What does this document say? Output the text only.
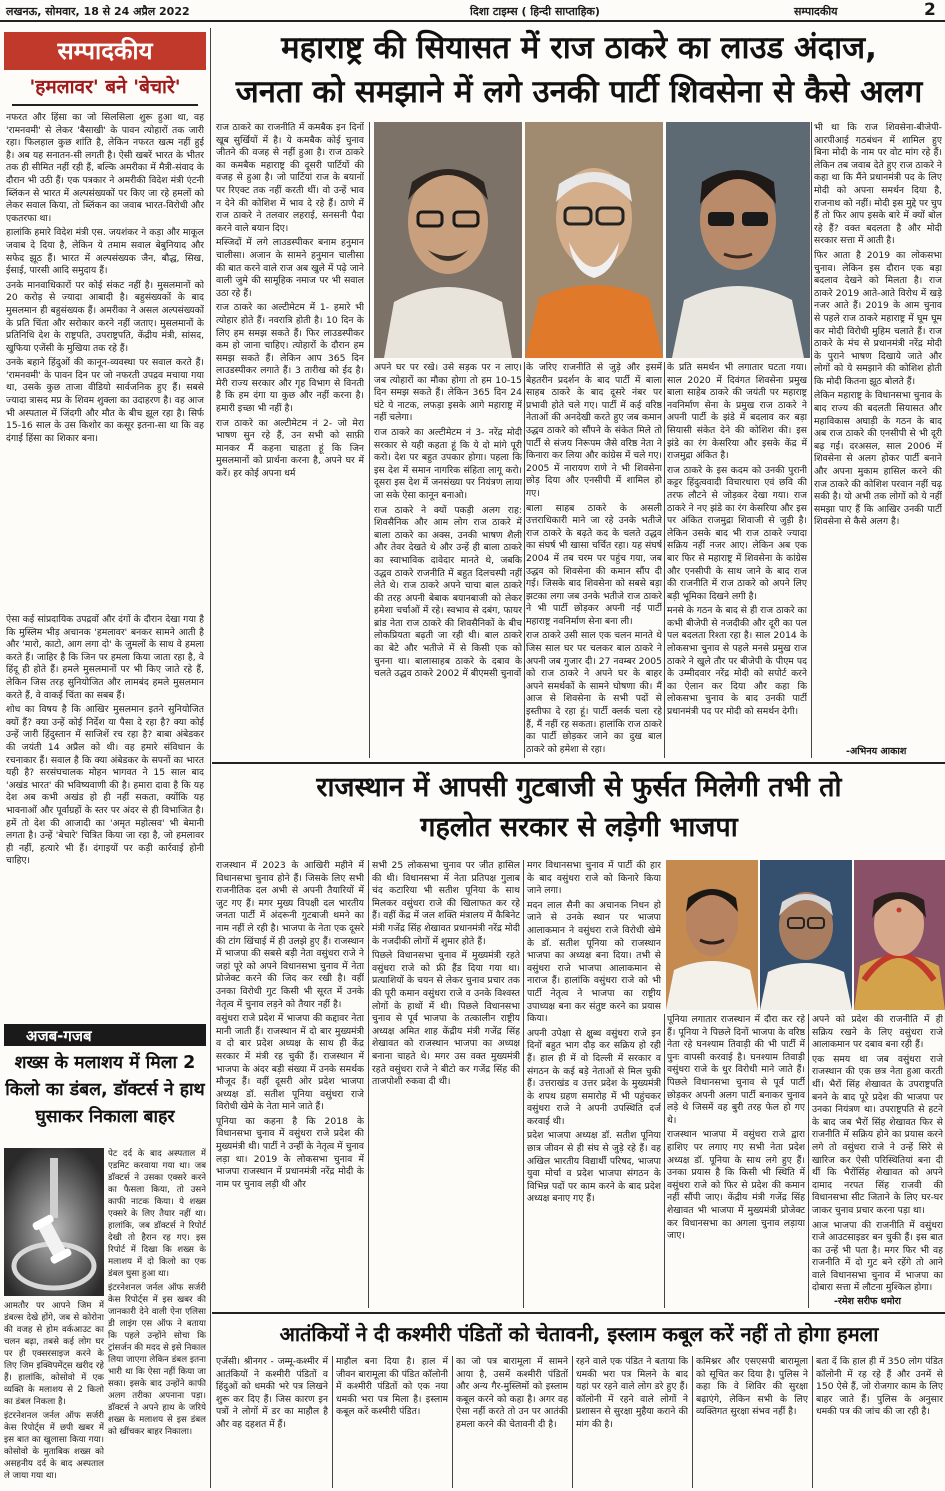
लखनऊ, सोमवार, 18 से 24 अप्रैल 2022	दिशा टाइम्स ( हिन्दी साप्ताहिक)	सम्पादकीय	2
सम्पादकीय
'हमलावर' बने 'बेचारे'

नफरत और हिंसा का जो सिलसिला शुरू हुआ था, वह 'रामनवमी' से लेकर 'बैसाखी' के पावन त्योहारों तक जारी रहा। फिलहाल कुछ शांति है, लेकिन नफरत खत्म नहीं हुई है। अब यह सनातन-सी लगती है। ऐसी खबरें भारत के भीतर तक ही सीमित नहीं रही हैं, बल्कि अमरीका में मैत्री-संवाद के दौरान भी उठी हैं। एक पत्रकार ने अमरीकी विदेश मंत्री एंटनी ब्लिंकन से भारत में अल्पसंख्यकों पर किए जा रहे हमलों को लेकर सवाल किया, तो ब्लिंकन का जवाब भारत-विरोधी और एकतरफा था।

हालांकि हमारे विदेश मंत्री एस. जयशंकर ने कड़ा और माकूल जवाब दे दिया है, लेकिन ये तमाम सवाल बेबुनियाद और सफेद झूठ हैं। भारत में अल्पसंख्यक जैन, बौद्ध, सिख, ईसाई, पारसी आदि समुदाय हैं।

उनके मानवाधिकारों पर कोई संकट नहीं है। मुसलमानों को 20 करोड़ से ज्यादा आबादी है। बहुसंख्यकों के बाद मुसलमान ही बहुसंख्यक हैं। अमरीका ने असल अल्पसंख्यकों के प्रति चिंता और सरोकार करने नहीं जताए। मुसलमानों के प्रतिनिधि देश के राष्ट्रपति, उपराष्ट्रपति, केंद्रीय मंत्री, सांसद, खुफिया एजेंसी के मुखिया तक रहे हैं।

उनके बहाने हिंदुओं की कानून-व्यवस्था पर सवाल करते हैं। 'रामनवमी' के पावन दिन पर जो नफरती उपद्रव मचाया गया था, उसके कुछ ताजा वीडियो सार्वजनिक हुए हैं। सबसे ज्यादा त्रासद मप्र के शिवम शुक्ला का उदाहरण है। वह आज भी अस्पताल में जिंदगी और मौत के बीच झूल रहा है। सिर्फ 15-16 साल के उस किशोर का कसूर इतना-सा था कि वह दंगाई हिंसा का शिकार बना।

ऐसा कई सांप्रदायिक उपद्रवों और दंगों के दौरान देखा गया है कि मुस्लिम भीड़ अचानक 'हमलावर' बनकर सामने आती है और 'मारो, काटो, आग लगा दो' के जुमलों के साथ वे हमला करते हैं। जाहिर है कि जिन पर हमला किया जाता रहा है, वे हिंदू ही होते हैं। हमले मुसलमानों पर भी किए जाते रहे हैं, लेकिन जिस तरह सुनियोजित और लामबंद हमले मुसलमान करते हैं, वे वाकई चिंता का सबब हैं।

शोध का विषय है कि आखिर मुसलमान इतने सुनियोजित क्यों हैं? क्या उन्हें कोई निर्देश या पैसा दे रहा है? क्या कोई उन्हें जारी हिंदुस्तान में साजिशें रच रहा है? बाबा अंबेडकर की जयंती 14 अप्रैल को थी। वह हमारे संविधान के रचनाकार हैं। सवाल है कि क्या अंबेडकर के सपनों का भारत यही है? सरसंघचालक मोहन भागवत ने 15 साल बाद 'अखंड भारत' की भविष्यवाणी की है। हमारा दावा है कि यह देश अब कभी अखंड हो ही नहीं सकता, क्योंकि यह भावनाओं और पूर्वाग्रहों के स्तर पर अंदर से ही विभाजित है। हमें तो देश की आजादी का 'अमृत महोत्सव' भी बेमानी लगता है। उन्हें 'बेचारे' चित्रित किया जा रहा है, जो हमलावर ही नहीं, हत्यारे भी हैं। दंगाइयों पर कड़ी कार्रवाई होनी चाहिए।

अजब-गजब
शख्स के मलाशय में मिला 2 किलो का डंबल, डॉक्टर्स ने हाथ घुसाकर निकाला बाहर

पेट दर्द के बाद अस्पताल में एडमिट करवाया गया था। जब डॉक्टर्स ने उसका एक्सरे करने का फैसला किया, तो उसने काफी नाटक किया। ये शख्स एक्सरे के लिए तैयार नहीं था। हालांकि, जब डॉक्टर्स ने रिपोर्ट देखी तो हैरान रह गए। इस रिपोर्ट में दिखा कि शख्स के मलाशय में दो किलो का एक डंबल घुसा हुआ था।

इंटरनेशनल जर्नल ऑफ सर्जरी केस रिपोर्ट्स में इस खबर की जानकारी देने वाली ऐना एलिसा डी लाइंग एस ऑफ ने बताया कि पहले उन्होंने सोचा कि ट्रांसर्जन की मदद से इसे निकाल लिया जाएगा लेकिन डंबल इतना भारी था कि ऐसा नहीं किया जा सका। इसके बाद उन्होंने काफी अलग तरीका अपनाना पड़ा। डॉक्टर्स ने अपने हाथ के जरिये शख्स के मलाशय से इस डंबल को खींचकर बाहर निकाला।

आमतौर पर आपने जिम में डंबल्स देखे होंगे, जब से कोरोना की वजह से होम वर्कआउट का चलन बढ़ा, तबसे कई लोग घर पर ही एक्सरसाइज करने के लिए जिम इक्विपमेंट्स खरीद रहे हैं। हालांकि, कोसोवो में एक व्यक्ति के मलाशय से 2 किलो का डंबल निकला है।

इंटरनेशनल जर्नल ऑफ सर्जरी केस रिपोर्ट्स में छपी खबर में इस बात का खुलासा किया गया। कोसोवो के मुताबिक शख्स को असहनीय दर्द के बाद अस्पताल ले जाया गया था।

महाराष्ट्र की सियासत में राज ठाकरे का लाउड अंदाज,
जनता को समझाने में लगे उनकी पार्टी शिवसेना से कैसे अलग

राज ठाकरे का राजनीति में कमबैक इन दिनों खूब सुर्खियों में है। ये कमबैक कोई चुनाव जीतने की वजह से नहीं हुआ है। राज ठाकरे का कमबैक महाराष्ट्र की दूसरी पार्टियों की वजह से हुआ है। जो पार्टियां राज के बयानों पर रिएक्ट तक नहीं करती थीं। वो उन्हें भाव न देने की कोशिश में भाव दे रहे हैं। ठाणे में राज ठाकरे ने तलवार लहराई, सनसनी पैदा करने वाले बयान दिए।

मस्जिदों में लगे लाउडस्पीकर बनाम हनुमान चालीसा। अजान के सामने हनुमान चालीसा की बात करने वाले राज अब खुले में पढ़े जाने वाली जुमे की सामूहिक नमाज पर भी सवाल उठा रहे हैं।

राज ठाकरे का अल्टीमेटम में 1- हमारे भी त्योहार होते हैं। नवरात्रि होती है। 10 दिन के लिए हम समझ सकते हैं। फिर लाउडस्पीकर कम हो जाना चाहिए। त्योहारों के दौरान हम समझ सकते हैं। लेकिन आप 365 दिन लाउडस्पीकर लगाते हैं। 3 तारीख को ईद है। मेरी राज्य सरकार और गृह विभाग से विनती है कि हम दंगा या कुछ और नहीं करना है। हमारी इच्छा भी नहीं है।

राज ठाकरे का अल्टीमेटम नं 2- जो मेरा भाषण सुन रहे हैं, उन सभी को साफ़ी मानकर मैं कहना चाहता हूं कि जिन मुसलमानों को प्रार्थना करना है, अपने घर में करें। हर कोई अपना धर्म

अपने घर पर रखे। उसे सड़क पर न लाए। जब त्योहारों का मौका होगा तो हम 10-15 दिन समझ सकते हैं। लेकिन 365 दिन 24 घंटे ये नाटक, लफड़ा इसके आगे महाराष्ट्र में नहीं चलेगा।

राज ठाकरे का अल्टीमेटम नं 3- नरेंद्र मोदी सरकार से यही कहता हूं कि ये दो मांगे पूरी करो। देश पर बहुत उपकार होगा। पहला कि इस देश में समान नागरिक संहिता लागू करो। दूसरा इस देश में जनसंख्या पर नियंत्रण लाया जा सके ऐसा कानून बनाओ।

राज ठाकरे ने क्यों पकड़ी अलग राह: शिवसैनिक और आम लोग राज ठाकरे में बाला ठाकरे का अक्स, उनकी भाषण शैली और तेवर देखते थे और उन्हें ही बाला ठाकरे का स्वाभाविक दावेदार मानते थे, जबकि उद्धव ठाकरे राजनीति में बहुत दिलचस्पी नहीं लेते थे। राज ठाकरे अपने चाचा बाल ठाकरे की तरह अपनी बेबाक बयानबाजी को लेकर हमेशा चर्चाओं में रहे। स्वभाव से दबंग, फायर ब्रांड नेता राज ठाकरे की शिवसैनिकों के बीच लोकप्रियता बढ़ती जा रही थी। बाल ठाकरे का बेटे और भतीजे में से किसी एक को चुनना था। बालासाहब ठाकरे के दबाव के चलते उद्धव ठाकरे 2002 में बीएमसी चुनावों

के जरिए राजनीति से जुड़े और इसमें बेहतरीन प्रदर्शन के बाद पार्टी में बाला साहब ठाकरे के बाद दूसरे नंबर पर प्रभावी होते चले गए। पार्टी में कई वरिष्ठ नेताओं की अनदेखी करते हुए जब कमान उद्धव ठाकरे को सौंपने के संकेत मिले तो पार्टी से संजय निरूपम जैसे वरिष्ठ नेता ने किनारा कर लिया और कांग्रेस में चले गए। 2005 में नारायण राणे ने भी शिवसेना छोड़ दिया और एनसीपी में शामिल हो गए।

बाला साहब ठाकरे के असली उत्तराधिकारी माने जा रहे उनके भतीजे राज ठाकरे के बढ़ते कद के चलते उद्धव का संघर्ष भी खासा चर्चित रहा। यह संघर्ष 2004 में तब चरम पर पहुंच गया, जब उद्धव को शिवसेना की कमान सौंप दी गई। जिसके बाद शिवसेना को सबसे बड़ा झटका लगा जब उनके भतीजे राज ठाकरे ने भी पार्टी छोड़कर अपनी नई पार्टी महाराष्ट्र नवनिर्माण सेना बना ली।

राज ठाकरे उसी साल एक चलन मानते थे जिस साल घर पर चलकर बाल ठाकरे ने अपनी जब गुजार दी। 27 नवम्बर 2005 को राज ठाकरे ने अपने घर के बाहर अपने समर्थकों के सामने घोषणा की। मैं आज से शिवसेना के सभी पदों से इस्तीफा दे रहा हूं। पार्टी क्लर्क चला रहे हैं, मैं नहीं रह सकता। हालांकि राज ठाकरे का पार्टी छोड़कर जाने का दुख बाल ठाकरे को हमेशा से रहा।

के प्रति समर्थन भी लगातार घटता गया। साल 2020 में दिवंगत शिवसेना प्रमुख बाला साहेब ठाकरे की जयंती पर महाराष्ट्र नवनिर्माण सेना के प्रमुख राज ठाकरे ने अपनी पार्टी के झंडे में बदलाव कर बड़ा सियासी संकेत देने की कोशिश की। इस झंडे का रंग केसरिया और इसके केंद्र में राजमुद्रा अंकित है।

राज ठाकरे के इस कदम को उनकी पुरानी कट्टर हिंदुत्ववादी विचारधारा एवं छवि की तरफ लौटने से जोड़कर देखा गया। राज ठाकरे ने नए झंडे का रंग केसरिया और इस पर अंकित राजमुद्रा शिवाजी से जुड़ी है। लेकिन उसके बाद भी राज ठाकरे ज्यादा सक्रिय नहीं नजर आए। लेकिन अब एक बार फिर से महाराष्ट्र में शिवसेना के कांग्रेस और एनसीपी के साथ जाने के बाद राज की राजनीति में राज ठाकरे को अपने लिए बड़ी भूमिका दिखने लगी है।

मनसे के गठन के बाद से ही राज ठाकरे का कभी बीजेपी से नजदीकी और दूरी का पल पल बदलता रिश्ता रहा है। साल 2014 के लोकसभा चुनाव से पहले मनसे प्रमुख राज ठाकरे ने खुले तौर पर बीजेपी के पीएम पद के उम्मीदवार नरेंद्र मोदी को सपोर्ट करने का ऐलान कर दिया और कहा कि लोकसभा चुनाव के बाद उनकी पार्टी प्रधानमंत्री पद पर मोदी को समर्थन देगी।

भी था कि राज शिवसेना-बीजेपी-आरपीआई गठबंधन में शामिल हुए बिना मोदी के नाम पर वोट मांग रहे हैं। लेकिन तब जवाब देते हुए राज ठाकरे ने कहा था कि मैंने प्रधानमंत्री पद के लिए मोदी को अपना समर्थन दिया है, राजनाथ को नहीं। मोदी इस मुद्दे पर चुप हैं तो फिर आप इसके बारे में क्यों बोल रहे हैं? वक्त बदलता है और मोदी सरकार सत्ता में आती है।

फिर आता है 2019 का लोकसभा चुनाव। लेकिन इस दौरान एक बड़ा बदलाव देखने को मिलता है। राज ठाकरे 2019 आते-आते विरोध में खड़े नजर आते हैं। 2019 के आम चुनाव से पहले राज ठाकरे महाराष्ट्र में घूम घूम कर मोदी विरोधी मुहिम चलाते हैं। राज ठाकरे के मंच से प्रधानमंत्री नरेंद्र मोदी के पुराने भाषण दिखाये जाते और लोगों को ये समझाने की कोशिश होती कि मोदी कितना झूठ बोलते हैं।

लेकिन महाराष्ट्र के विधानसभा चुनाव के बाद राज्य की बदलती सियासत और महाविकास अघाड़ी के गठन के बाद अब राज ठाकरे की एनसीपी से भी दूरी बढ़ गई। दरअसल, साल 2006 में शिवसेना से अलग होकर पार्टी बनाने और अपना मुकाम हासिल करने की राज ठाकरे की कोशिश परवान नहीं चढ़ सकी है। यो अभी तक लोगों को ये नहीं समझा पाए हैं कि आखिर उनकी पार्टी शिवसेना से कैसे अलग है।

-अभिनय आकाश
राजस्थान में आपसी गुटबाजी से फुर्सत मिलेगी तभी तो
गहलोत सरकार से लड़ेगी भाजपा

राजस्थान में 2023 के आखिरी महीने में विधानसभा चुनाव होने हैं। जिसके लिए सभी राजनीतिक दल अभी से अपनी तैयारियों में जुट गए हैं। मगर मुख्य विपक्षी दल भारतीय जनता पार्टी में अंदरूनी गुटबाजी थमने का नाम नहीं ले रही है। भाजपा के नेता एक दूसरे की टांग खिंचाई में ही उलझे हुए हैं। राजस्थान में भाजपा की सबसे बड़ी नेता वसुंधरा राजे ने जहां पूरे को अपने विधानसभा चुनाव में नेता प्रोजेक्ट करने की जिद कर रखी है। वहीं उनका विरोधी गुट किसी भी सूरत में उनके नेतृत्व में चुनाव लड़ने को तैयार नहीं है।

वसुंधरा राजे प्रदेश में भाजपा की कद्दावर नेता मानी जाती हैं। राजस्थान में दो बार मुख्यमंत्री व दो बार प्रदेश अध्यक्ष के साथ ही केंद्र सरकार में मंत्री रह चुकी हैं। राजस्थान में भाजपा के अंदर बड़ी संख्या में उनके समर्थक मौजूद हैं। वहीं दूसरी ओर प्रदेश भाजपा अध्यक्ष डॉ. सतीश पूनिया वसुंधरा राजे विरोधी खेमे के नेता माने जाते हैं।

पूनिया का कहना है कि 2018 के विधानसभा चुनाव में वसुंधरा राजे प्रदेश की मुख्यमंत्री थी। पार्टी ने उन्हीं के नेतृत्व में चुनाव लड़ा था। 2019 के लोकसभा चुनाव में भाजपा राजस्थान में प्रधानमंत्री नरेंद्र मोदी के नाम पर चुनाव लड़ी थी और

सभी 25 लोकसभा चुनाव पर जीत हासिल की थी। विधानसभा में नेता प्रतिपक्ष गुलाब चंद कटारिया भी सतीश पूनिया के साथ मिलकर वसुंधरा राजे की खिलाफत कर रहे हैं। वहीं केंद्र में जल शक्ति मंत्रालय में कैबिनेट मंत्री गजेंद्र सिंह शेखावत प्रधानमंत्री नरेंद्र मोदी के नजदीकी लोगों में शुमार होते हैं।

पिछले विधानसभा चुनाव में मुख्यमंत्री रहते वसुंधरा राजे को फ्री हैंड दिया गया था। प्रत्याशियों के चयन से लेकर चुनाव प्रचार तक की पूरी कमान वसुंधरा राजे व उनके विश्वस्त लोगों के हाथों में थी। पिछले विधानसभा चुनाव से पूर्व भाजपा के तत्कालीन राष्ट्रीय अध्यक्ष अमित शाह केंद्रीय मंत्री गजेंद्र सिंह शेखावत को राजस्थान भाजपा का अध्यक्ष बनाना चाहते थे। मगर उस वक्त मुख्यमंत्री रहते वसुंधरा राजे ने बीटो कर गजेंद्र सिंह की ताजपोशी रुकवा दी थी।

मगर विधानसभा चुनाव में पार्टी की हार के बाद वसुंधरा राजे को किनारे किया जाने लगा।

मदन लाल सैनी का अचानक निधन हो जाने से उनके स्थान पर भाजपा आलाकमान ने वसुंधरा राजे विरोधी खेमे के डॉ. सतीश पूनिया को राजस्थान भाजपा का अध्यक्ष बना दिया। तभी से वसुंधरा राजे भाजपा आलाकमान से नाराज हैं। हालांकि वसुंधरा राजे को भी पार्टी नेतृत्व ने भाजपा का राष्ट्रीय उपाध्यक्ष बना कर संतुष्ट करने का प्रयास किया।

अपनी उपेक्षा से क्षुब्ध वसुंधरा राजे इन दिनों बहुत भाग दौड़ कर सक्रिय हो रही हैं। हाल ही में वो दिल्ली में सरकार व संगठन के कई बड़े नेताओं से मिल चुकी हैं। उत्तराखंड व उत्तर प्रदेश के मुख्यमंत्री के शपथ ग्रहण समारोह में भी पहुंचकर वसुंधरा राजे ने अपनी उपस्थिति दर्ज करवाई थी।

प्रदेश भाजपा अध्यक्ष डॉ. सतीश पूनिया छात्र जीवन से ही संघ से जुड़े रहे हैं। वह अखिल भारतीय विद्यार्थी परिषद, भाजपा युवा मोर्चा व प्रदेश भाजपा संगठन के विभिन्न पदों पर काम करने के बाद प्रदेश अध्यक्ष बनाए गए हैं।

पूनिया लगातार राजस्थान में दौरा कर रहे हैं। पूनिया ने पिछले दिनों भाजपा के वरिष्ठ नेता रहे घनश्याम तिवाड़ी की भी पार्टी में पुनः वापसी करवाई है। घनश्याम तिवाड़ी वसुंधरा राजे के धुर विरोधी माने जाते हैं। पिछले विधानसभा चुनाव से पूर्व पार्टी छोड़कर अपनी अलग पार्टी बनाकर चुनाव लड़े थे जिसमें वह बुरी तरह फेल हो गए थे।

राजस्थान भाजपा में वसुंधरा राजे द्वारा हाशिए पर लगाए गए सभी नेता प्रदेश अध्यक्ष डॉ. पूनिया के साथ लगे हुए हैं। उनका प्रयास है कि किसी भी स्थिति में वसुंधरा राजे को फिर से प्रदेश की कमान नहीं सौंपी जाए। केंद्रीय मंत्री गजेंद्र सिंह शेखावत भी भाजपा में मुख्यमंत्री प्रोजेक्ट कर विधानसभा का अगला चुनाव लड़ाया जाए।

अपने को प्रदेश की राजनीति में ही सक्रिय रखने के लिए वसुंधरा राजे आलाकमान पर दबाव बना रही हैं।

एक समय था जब वसुंधरा राजे राजस्थान की एक छत्र नेता हुआ करती थीं। भैरों सिंह शेखावत के उपराष्ट्रपति बनने के बाद पूरे प्रदेश की भाजपा पर उनका नियंत्रण था। उपराष्ट्रपति से हटने के बाद जब भैरों सिंह शेखावत फिर से राजनीति में सक्रिय होने का प्रयास करने लगे तो वसुंधरा राजे ने उन्हें सिरे से खारिज कर ऐसी परिस्थितियां बना दी थीं कि भैरोंसिंह शेखावत को अपने दामाद नरपत सिंह राजवी की विधानसभा सीट जिताने के लिए घर-घर जाकर चुनाव प्रचार करना पड़ा था।

आज भाजपा की राजनीति में वसुंधरा राजे आउटसाइडर बन चुकी हैं। इस बात का उन्हें भी पता है। मगर फिर भी वह राजनीति में दो गुट बने रहेंगे तो आने वाले विधानसभा चुनाव में भाजपा का दोबारा सत्ता में लौटना मुश्किल होगा।

-रमेश सरीफ धमोरा
आतंकियों ने दी कश्मीरी पंडितों को चेतावनी, इस्लाम कबूल करें नहीं तो होगा हमला

एजेंसी। श्रीनगर - जम्मू-कश्मीर में आतंकियों ने कश्मीरी पंडितों व हिंदुओं को धमकी भरे पत्र लिखने शुरू कर दिए हैं। जिस कारण इन पत्रों ने लोगों में डर का माहौल है और वह दहशत में हैं।

माहौल बना दिया है। हाल में जीवन बारामूला की पंडित कॉलोनी में कश्मीरी पंडितों को एक नया धमकी भरा पत्र मिला है। इस्लाम कबूल करें कश्मीरी पंडित।

का जो पत्र बारामूला में सामने आया है, उसमें कश्मीरी पंडितों और अन्य गैर-मुस्लिमों को इस्लाम कबूल करने को कहा है। अगर वह ऐसा नहीं करते तो उन पर आतंकी हमला करने की चेतावनी दी है।

रहने वाले एक पंडित ने बताया कि धमकी भरा पत्र मिलने के बाद यहां पर रहने वाले लोग डरे हुए हैं। कॉलोनी में रहने वाले लोगों ने प्रशासन से सुरक्षा मुहैया कराने की मांग की है।

कमिश्नर और एसएसपी बारामूला को सूचित कर दिया है। पुलिस ने कहा कि वे शिविर की सुरक्षा बढ़ाएंगे, लेकिन सभी के लिए व्यक्तिगत सुरक्षा संभव नहीं है।

बता दें कि हाल ही में 350 लोग पंडित कॉलोनी में रह रहे हैं और उनमें से 150 ऐसे हैं, जो रोजगार काम के लिए बाहर जाते हैं। पुलिस के अनुसार धमकी पत्र की जांच की जा रही है।
